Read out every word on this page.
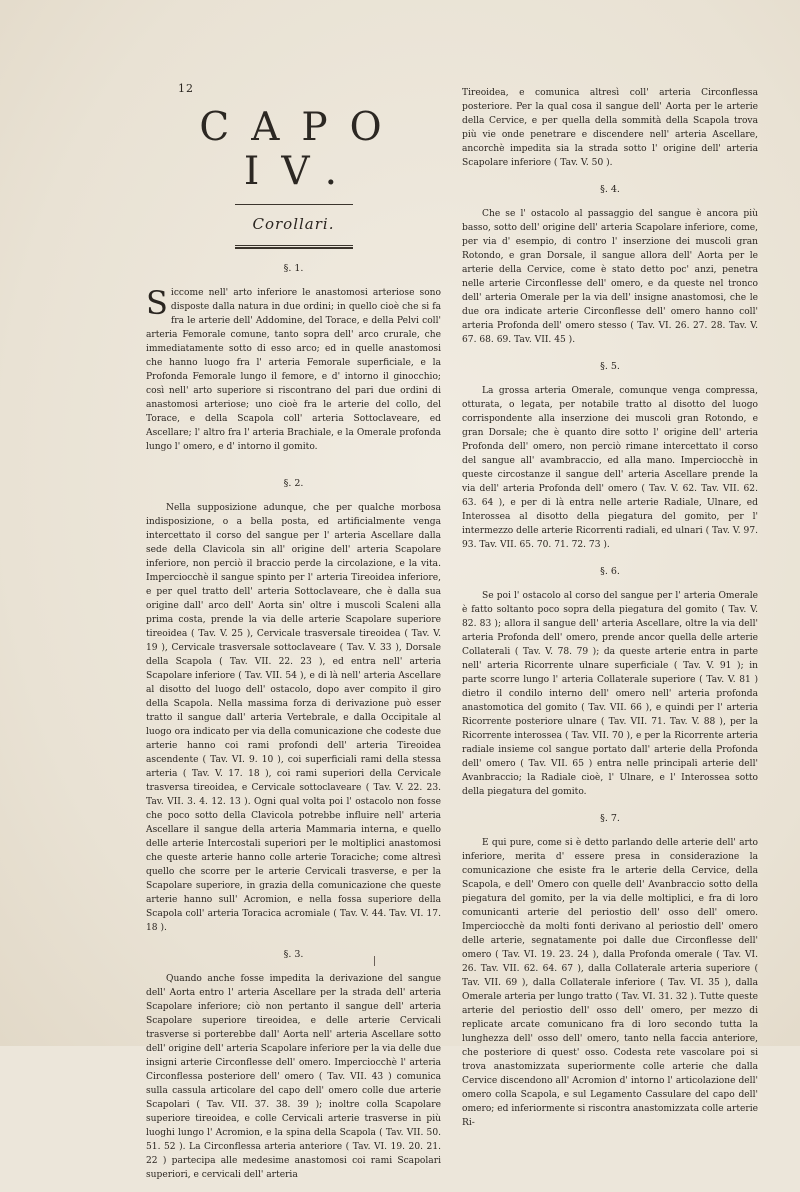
12
CAPO IV.
Corollari.
§. 1.
Siccome nell' arto inferiore le anastomosi arteriose sono disposte dalla natura in due ordini; in quello cioè che si fa fra le arterie dell' Addomine, del Torace, e della Pelvi coll' arteria Femorale comune, tanto sopra dell' arco crurale, che immediatamente sotto di esso arco; ed in quelle anastomosi che hanno luogo fra l' arteria Femorale superficiale, e la Profonda Femorale lungo il femore, e d' intorno il ginocchio; così nell' arto superiore si riscontrano del pari due ordini di anastomosi arteriose; uno cioè fra le arterie del collo, del Torace, e della Scapola coll' arteria Sottoclaveare, ed Ascellare; l' altro fra l' arteria Brachiale, e la Omerale profonda lungo l' omero, e d' intorno il gomito.
§. 2.
Nella supposizione adunque, che per qualche morbosa indisposizione, o a bella posta, ed artificialmente venga intercettato il corso del sangue per l' arteria Ascellare dalla sede della Clavicola sin all' origine dell' arteria Scapolare inferiore, non perciò il braccio perde la circolazione, e la vita. Imperciocchè il sangue spinto per l' arteria Tireoidea inferiore, e per quel tratto dell' arteria Sottoclaveare, che è dalla sua origine dall' arco dell' Aorta sin' oltre i muscoli Scaleni alla prima costa, prende la via delle arterie Scapolare superiore tireoidea ( Tav. V. 25 ), Cervicale trasversale tireoidea ( Tav. V. 19 ), Cervicale trasversale sottoclaveare ( Tav. V. 33 ), Dorsale della Scapola ( Tav. VII. 22. 23 ), ed entra nell' arteria Scapolare inferiore ( Tav. VII. 54 ), e di là nell' arteria Ascellare al disotto del luogo dell' ostacolo, dopo aver compito il giro della Scapola. Nella massima forza di derivazione può esser tratto il sangue dall' arteria Vertebrale, e dalla Occipitale al luogo ora indicato per via della comunicazione che codeste due arterie hanno coi rami profondi dell' arteria Tireoidea ascendente ( Tav. VI. 9. 10 ), coi superficiali rami della stessa arteria ( Tav. V. 17. 18 ), coi rami superiori della Cervicale trasversa tireoidea, e Cervicale sottoclaveare ( Tav. V. 22. 23. Tav. VII. 3. 4. 12. 13 ). Ogni qual volta poi l' ostacolo non fosse che poco sotto della Clavicola potrebbe influire nell' arteria Ascellare il sangue della arteria Mammaria interna, e quello delle arterie Intercostali superiori per le moltiplici anastomosi che queste arterie hanno colle arterie Toraciche; come altresì quello che scorre per le arterie Cervicali trasverse, e per la Scapolare superiore, in grazia della comunicazione che queste arterie hanno sull' Acromion, e nella fossa superiore della Scapola coll' arteria Toracica acromiale ( Tav. V. 44. Tav. VI. 17. 18 ).
§. 3.
Quando anche fosse impedita la derivazione del sangue dell' Aorta entro l' arteria Ascellare per la strada dell' arteria Scapolare inferiore; ciò non pertanto il sangue dell' arteria Scapolare superiore tireoidea, e delle arterie Cervicali trasverse si porterebbe dall' Aorta nell' arteria Ascellare sotto dell' origine dell' arteria Scapolare inferiore per la via delle due insigni arterie Circonflesse dell' omero. Imperciocchè l' arteria Circonflessa posteriore dell' omero ( Tav. VII. 43 ) comunica sulla cassula articolare del capo dell' omero colle due arterie Scapolari ( Tav. VII. 37. 38. 39 ); inoltre colla Scapolare superiore tireoidea, e colle Cervicali arterie trasverse in più luoghi lungo l' Acromion, e la spina della Scapola ( Tav. VII. 50. 51. 52 ). La Circonflessa arteria anteriore ( Tav. VI. 19. 20. 21. 22 ) partecipa alle medesime anastomosi coi rami Scapolari superiori, e cervicali dell' arteria
Tireoidea, e comunica altresì coll' arteria Circonflessa posteriore. Per la qual cosa il sangue dell' Aorta per le arterie della Cervice, e per quella della sommità della Scapola trova più vie onde penetrare e discendere nell' arteria Ascellare, ancorchè impedita sia la strada sotto l' origine dell' arteria Scapolare inferiore ( Tav. V. 50 ).
§. 4.
Che se l' ostacolo al passaggio del sangue è ancora più basso, sotto dell' origine dell' arteria Scapolare inferiore, come, per via d' esempio, di contro l' inserzione dei muscoli gran Rotondo, e gran Dorsale, il sangue allora dell' Aorta per le arterie della Cervice, come è stato detto poc' anzi, penetra nelle arterie Circonflesse dell' omero, e da queste nel tronco dell' arteria Omerale per la via dell' insigne anastomosi, che le due ora indicate arterie Circonflesse dell' omero hanno coll' arteria Profonda dell' omero stesso ( Tav. VI. 26. 27. 28. Tav. V. 67. 68. 69. Tav. VII. 45 ).
§. 5.
La grossa arteria Omerale, comunque venga compressa, otturata, o legata, per notabile tratto al disotto del luogo corrispondente alla inserzione dei muscoli gran Rotondo, e gran Dorsale; che è quanto dire sotto l' origine dell' arteria Profonda dell' omero, non perciò rimane intercettato il corso del sangue all' avambraccio, ed alla mano. Imperciocchè in queste circostanze il sangue dell' arteria Ascellare prende la via dell' arteria Profonda dell' omero ( Tav. V. 62. Tav. VII. 62. 63. 64 ), e per di là entra nelle arterie Radiale, Ulnare, ed Interossea al disotto della piegatura del gomito, per l' intermezzo delle arterie Ricorrenti radiali, ed ulnari ( Tav. V. 97. 93. Tav. VII. 65. 70. 71. 72. 73 ).
§. 6.
Se poi l' ostacolo al corso del sangue per l' arteria Omerale è fatto soltanto poco sopra della piegatura del gomito ( Tav. V. 82. 83 ); allora il sangue dell' arteria Ascellare, oltre la via dell' arteria Profonda dell' omero, prende ancor quella delle arterie Collaterali ( Tav. V. 78. 79 ); da queste arterie entra in parte nell' arteria Ricorrente ulnare superficiale ( Tav. V. 91 ); in parte scorre lungo l' arteria Collaterale superiore ( Tav. V. 81 ) dietro il condilo interno dell' omero nell' arteria profonda anastomotica del gomito ( Tav. VII. 66 ), e quindi per l' arteria Ricorrente posteriore ulnare ( Tav. VII. 71. Tav. V. 88 ), per la Ricorrente interossea ( Tav. VII. 70 ), e per la Ricorrente arteria radiale insieme col sangue portato dall' arterie della Profonda dell' omero ( Tav. VII. 65 ) entra nelle principali arterie dell' Avanbraccio; la Radiale cioè, l' Ulnare, e l' Interossea sotto della piegatura del gomito.
§. 7.
E qui pure, come si è detto parlando delle arterie dell' arto inferiore, merita d' essere presa in considerazione la comunicazione che esiste fra le arterie della Cervice, della Scapola, e dell' Omero con quelle dell' Avanbraccio sotto della piegatura del gomito, per la via delle moltiplici, e fra di loro comunicanti arterie del periostio dell' osso dell' omero. Imperciocchè da molti fonti derivano al periostio dell' omero delle arterie, segnatamente poi dalle due Circonflesse dell' omero ( Tav. VI. 19. 23. 24 ), dalla Profonda omerale ( Tav. VI. 26. Tav. VII. 62. 64. 67 ), dalla Collaterale arteria superiore ( Tav. VII. 69 ), dalla Collaterale inferiore ( Tav. VI. 35 ), dalla Omerale arteria per lungo tratto ( Tav. VI. 31. 32 ). Tutte queste arterie del periostio dell' osso dell' omero, per mezzo di replicate arcate comunicano fra di loro secondo tutta la lunghezza dell' osso dell' omero, tanto nella faccia anteriore, che posteriore di quest' osso. Codesta rete vascolare poi si trova anastomizzata superiormente colle arterie che dalla Cervice discendono all' Acromion d' intorno l' articolazione dell' omero colla Scapola, e sul Legamento Cassulare del capo dell' omero; ed inferiormente si riscontra anastomizzata colle arterie Ri-
